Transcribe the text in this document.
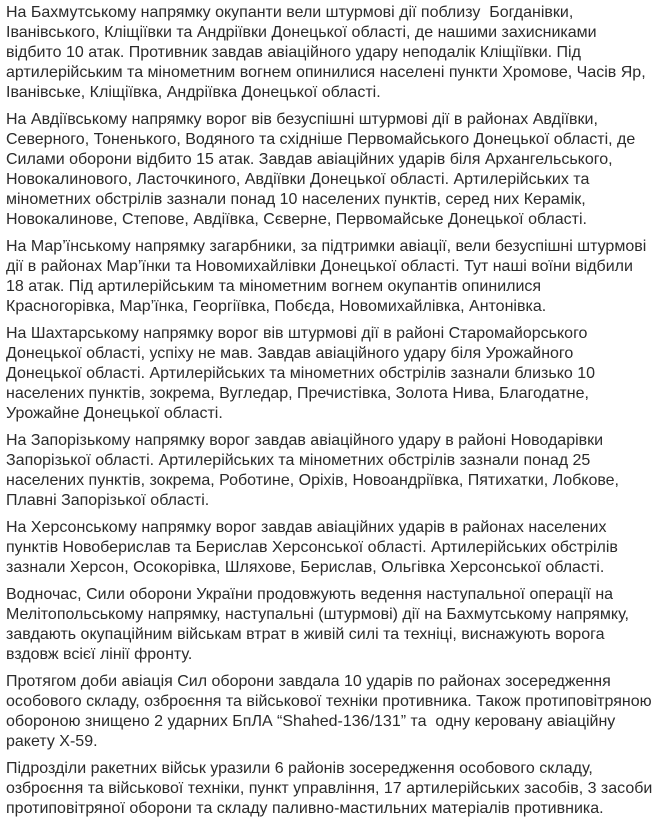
На Бахмутському напрямку окупанти вели штурмові дії поблизу  Богданівки, Іванівського, Кліщіївки та Андріївки Донецької області, де нашими захисниками відбито 10 атак. Противник завдав авіаційного удару неподалік Кліщіївки. Під артилерійським та мінометним вогнем опинилися населені пункти Хромове, Часів Яр, Іванівське, Кліщіївка, Андріївка Донецької області.

На Авдіївському напрямку ворог вів безуспішні штурмові дії в районах Авдіївки, Северного, Тоненького, Водяного та східніше Первомайського Донецької області, де Силами оборони відбито 15 атак. Завдав авіаційних ударів біля Архангельського, Новокалинового, Ласточкиного, Авдіївки Донецької області. Артилерійських та мінометних обстрілів зазнали понад 10 населених пунктів, серед них Керамік, Новокалинове, Степове, Авдіївка, Сєверне, Первомайське Донецької області.

На Мар’їнському напрямку загарбники, за підтримки авіації, вели безуспішні штурмові дії в районах Мар’їнки та Новомихайлівки Донецької області. Тут наші воїни відбили 18 атак. Під артилерійським та мінометним вогнем окупантів опинилися Красногорівка, Мар’їнка, Георгіївка, Побєда, Новомихайлівка, Антонівка.

На Шахтарському напрямку ворог вів штурмові дії в районі Старомайорського Донецької області, успіху не мав. Завдав авіаційного удару біля Урожайного Донецької області. Артилерійських та мінометних обстрілів зазнали близько 10 населених пунктів, зокрема, Вугледар, Пречистівка, Золота Нива, Благодатне, Урожайне Донецької області.

На Запорізькому напрямку ворог завдав авіаційного удару в районі Новодарівки Запорізької області. Артилерійських та мінометних обстрілів зазнали понад 25 населених пунктів, зокрема, Роботине, Оріхів, Новоандріївка, Пятихатки, Лобкове, Плавні Запорізької області.

На Херсонському напрямку ворог завдав авіаційних ударів в районах населених пунктів Новоберислав та Берислав Херсонської області. Артилерійських обстрілів зазнали Херсон, Осокорівка, Шляхове, Берислав, Ольгівка Херсонської області.

Водночас, Сили оборони України продовжують ведення наступальної операції на Мелітопольському напрямку, наступальні (штурмові) дії на Бахмутському напрямку, завдають окупаційним військам втрат в живій силі та техніці, виснажують ворога вздовж всієї лінії фронту.

Протягом доби авіація Сил оборони завдала 10 ударів по районах зосередження особового складу, озброєння та військової техніки противника. Також протиповітряною обороною знищено 2 ударних БпЛА “Shahed-136/131” та  одну керовану авіаційну ракету Х-59.

Підрозділи ракетних військ уразили 6 районів зосередження особового складу, озброєння та військової техніки, пункт управління, 17 артилерійських засобів, 3 засоби протиповітряної оборони та складу паливно-мастильних матеріалів противника.
